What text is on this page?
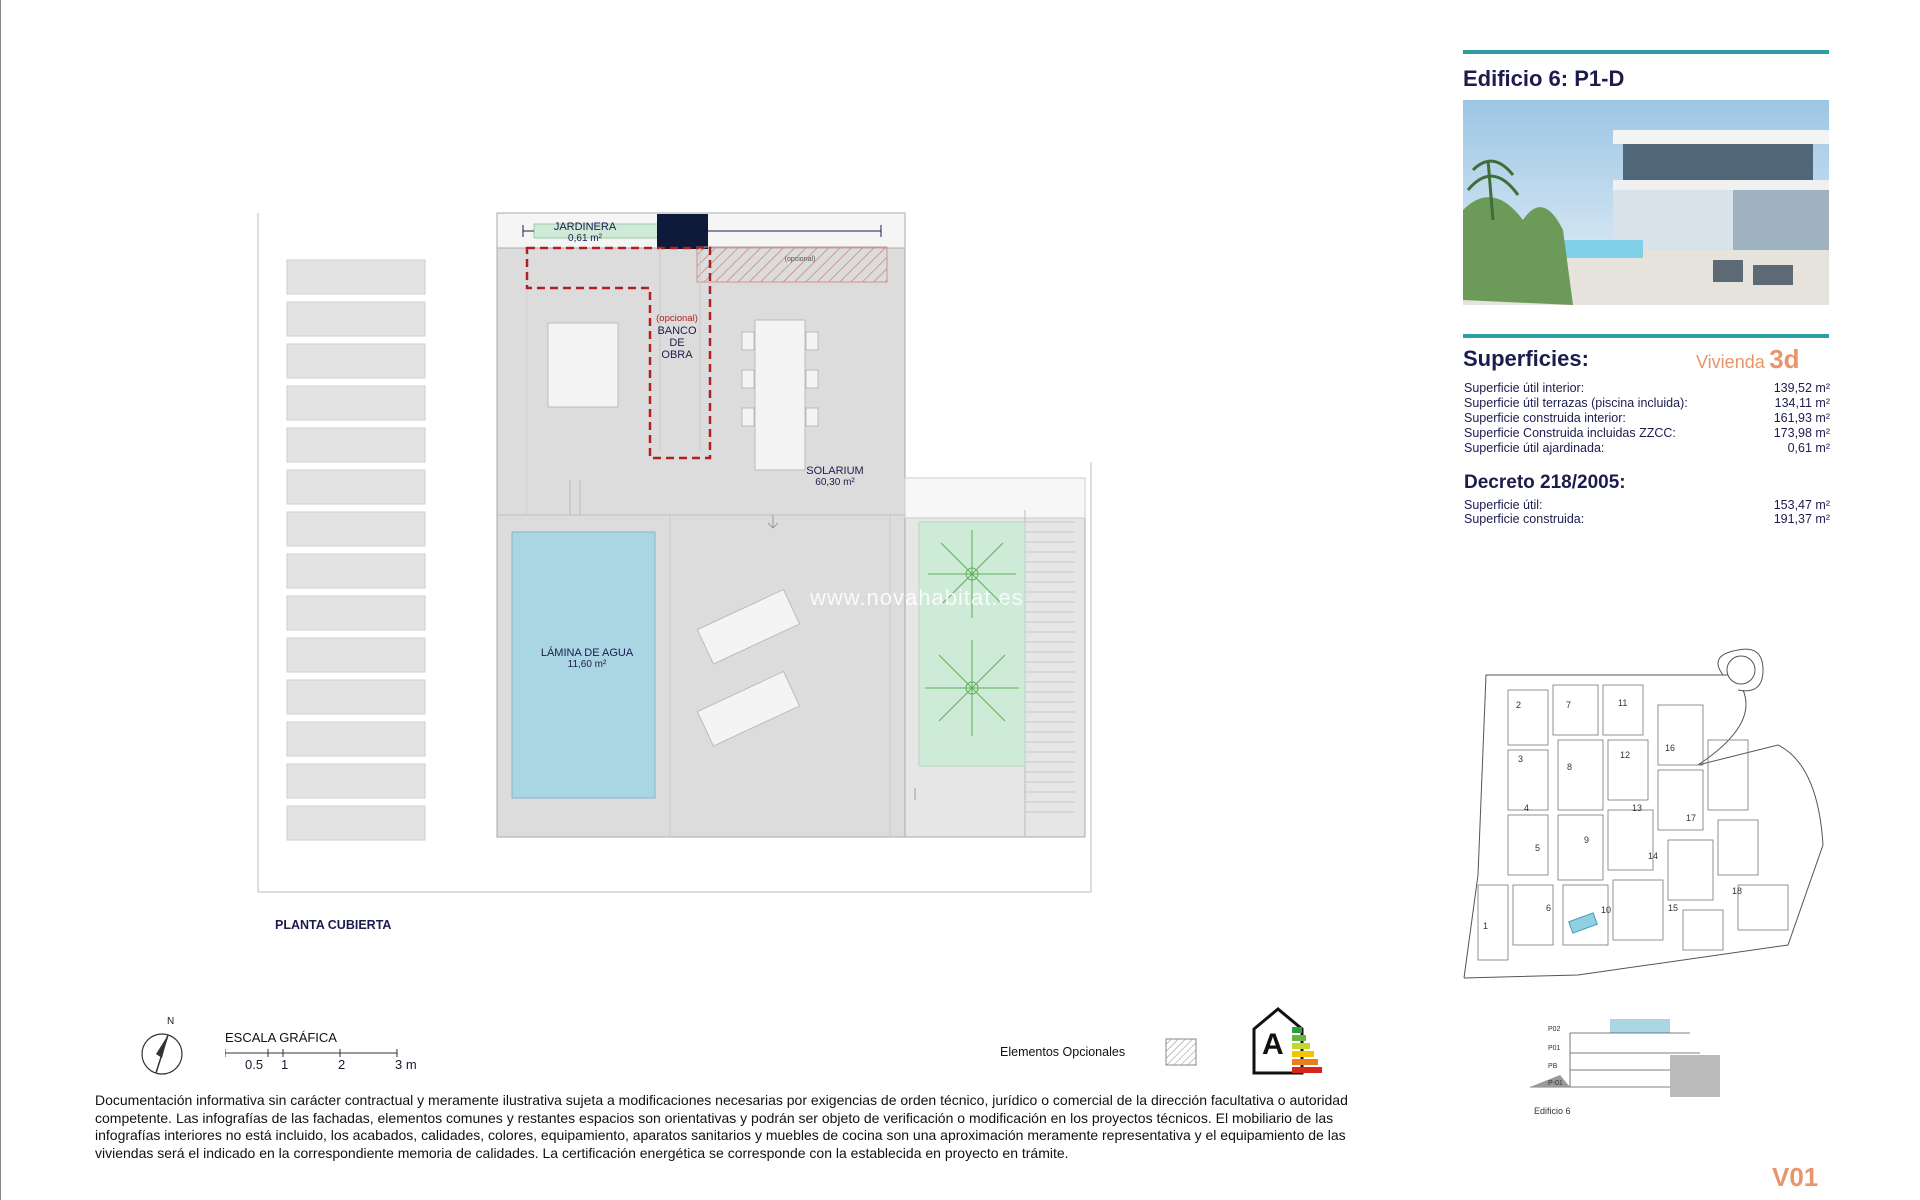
JARDINERA
0,61 m²
(opcional)
(opcional)
BANCO
DE
OBRA
SOLARIUM
60,30 m²
LÁMINA DE AGUA
11,60 m²
www.novahabitat.es
PLANTA CUBIERTA
Edificio 6: P1-D
Superficies:	Vivienda 3d
Superficie útil interior:	139,52 m²
Superficie útil terrazas (piscina incluida):	134,11 m²
Superficie construida interior:	161,93 m²
Superficie Construida incluidas ZZCC:	173,98 m²
Superficie útil ajardinada:	0,61 m²
Decreto 218/2005:
Superficie útil:	153,47 m²
Superficie construida:	191,37 m²
1
2
3
4
5
6
7
8
9
10
11
12
13
14
15
16
17
18
P02
P01
PB
P-01
Edificio 6
N
ESCALA GRÁFICA
0.5 1	2	3 m
Elementos Opcionales	A
Documentación informativa sin carácter contractual y meramente ilustrativa sujeta a modificaciones necesarias por exigencias de orden técnico, jurídico o comercial de la dirección facultativa o autoridad competente. Las infografías de las fachadas, elementos comunes y restantes espacios son orientativas y podrán ser objeto de verificación o modificación en los proyectos técnicos. El mobiliario de las infografías interiores no está incluido, los acabados, calidades, colores, equipamiento, aparatos sanitarios y muebles de cocina son una aproximación meramente representativa y el equipamiento de las viviendas será el indicado en la correspondiente memoria de calidades. La certificación energética se corresponde con la establecida en proyecto en trámite.
V01
